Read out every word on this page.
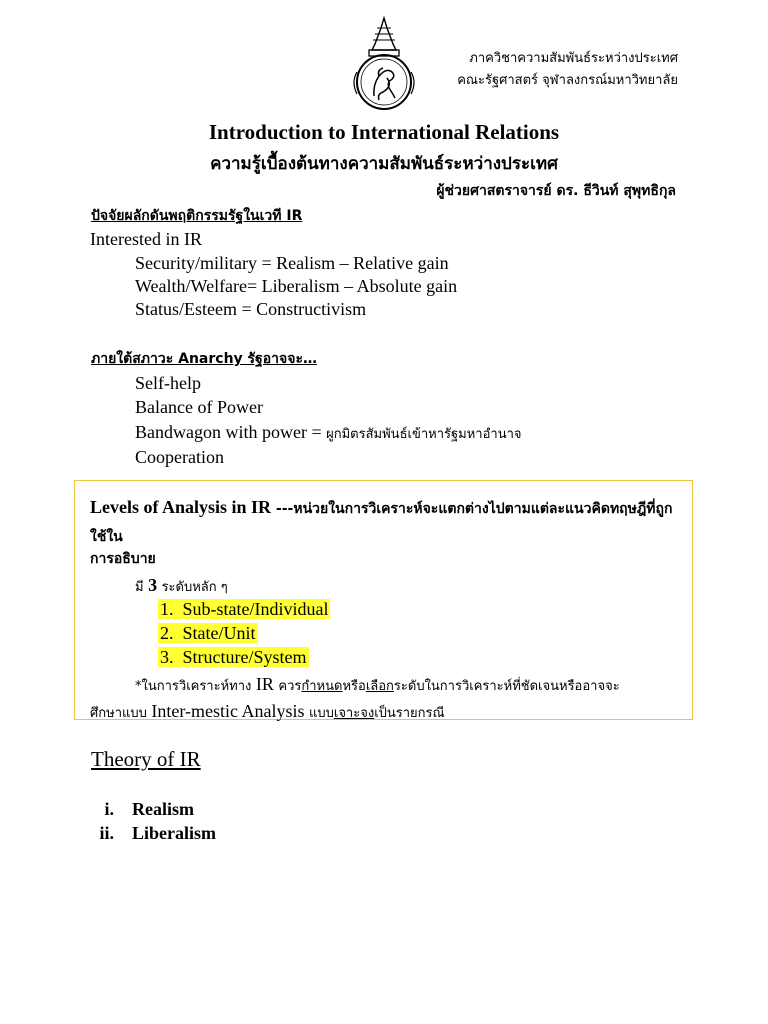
ภาควิชาความสัมพันธ์ระหว่างประเทศ
คณะรัฐศาสตร์ จุฬาลงกรณ์มหาวิทยาลัย
Introduction to International Relations
ความรู้เบื้องต้นทางความสัมพันธ์ระหว่างประเทศ
ผู้ช่วยศาสตราจารย์ ดร. ธีวินท์ สุพุทธิกุล
ปัจจัยผลักดันพฤติกรรมรัฐในเวที IR
Interested in IR
Security/military = Realism – Relative gain
Wealth/Welfare= Liberalism – Absolute gain
Status/Esteem = Constructivism
ภายใต้สภาวะ Anarchy รัฐอาจจะ…
Self-help
Balance of Power
Bandwagon with power = ผูกมิตรสัมพันธ์เข้าหารัฐมหาอำนาจ
Cooperation
Levels of Analysis in IR ---หน่วยในการวิเคราะห์จะแตกต่างไปตามแต่ละแนวคิดทฤษฎีที่ถูกใช้ใน
การอธิบาย
มี 3 ระดับหลัก ๆ
1. Sub-state/Individual
2. State/Unit
3. Structure/System
*ในการวิเคราะห์ทาง IR ควรกำหนดหรือเลือกระดับในการวิเคราะห์ที่ชัดเจนหรืออาจจะ
ศึกษาแบบ Inter-mestic Analysis แบบเจาะจงเป็นรายกรณี
Theory of IR
i. Realism
ii. Liberalism
